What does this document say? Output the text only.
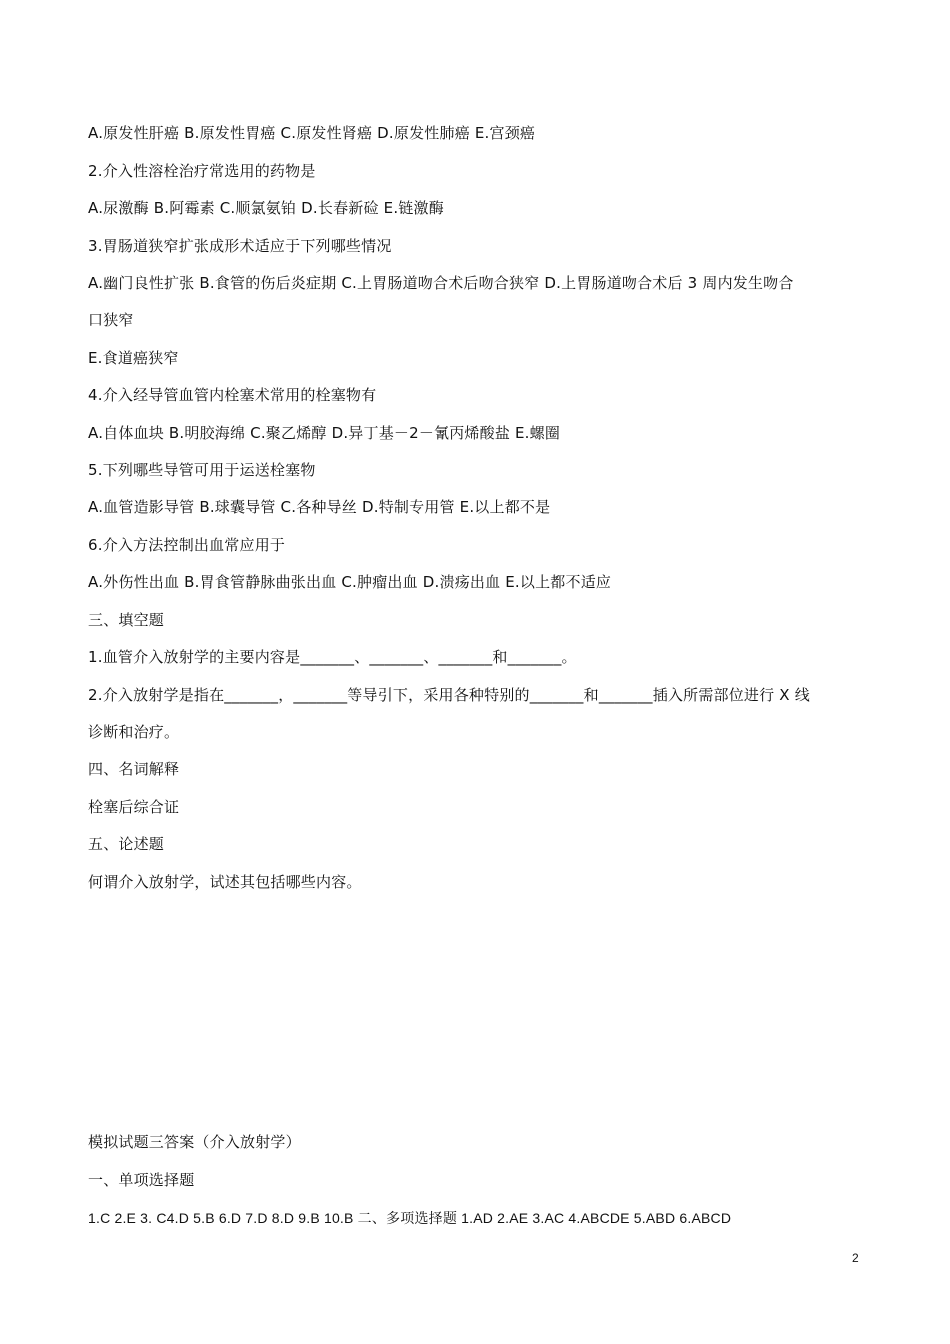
A.原发性肝癌 B.原发性胃癌 C.原发性肾癌 D.原发性肺癌 E.宫颈癌
2.介入性溶栓治疗常选用的药物是
A.尿激酶 B.阿霉素 C.顺氯氨铂 D.长春新硷 E.链激酶
3.胃肠道狭窄扩张成形术适应于下列哪些情况
A.幽门良性扩张 B.食管的伤后炎症期 C.上胃肠道吻合术后吻合狭窄 D.上胃肠道吻合术后 3 周内发生吻合
口狭窄
E.食道癌狭窄
4.介入经导管血管内栓塞术常用的栓塞物有
A.自体血块 B.明胶海绵 C.聚乙烯醇 D.异丁基－2－氰丙烯酸盐 E.螺圈
5.下列哪些导管可用于运送栓塞物
A.血管造影导管 B.球囊导管 C.各种导丝 D.特制专用管 E.以上都不是
6.介入方法控制出血常应用于
A.外伤性出血 B.胃食管静脉曲张出血 C.肿瘤出血 D.溃疡出血 E.以上都不适应
三、填空题
1.血管介入放射学的主要内容是_______、_______、_______和_______。
2.介入放射学是指在_______，_______等导引下，采用各种特别的_______和_______插入所需部位进行 X 线
诊断和治疗。
四、名词解释
栓塞后综合证
五、论述题
何谓介入放射学，试述其包括哪些内容。
模拟试题三答案（介入放射学）
一、单项选择题
1.C 2.E 3. C4.D 5.B 6.D 7.D 8.D 9.B 10.B 二、多项选择题 1.AD 2.AE 3.AC 4.ABCDE 5.ABD 6.ABCD
2
